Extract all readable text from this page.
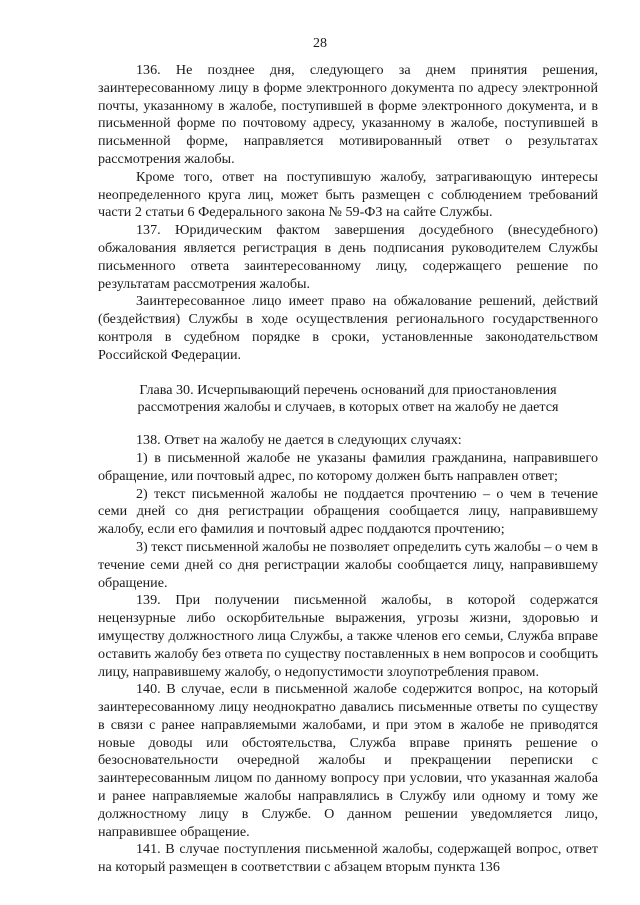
28

136. Не позднее дня, следующего за днем принятия решения, заинтересованному лицу в форме электронного документа по адресу электронной почты, указанному в жалобе, поступившей в форме электронного документа, и в письменной форме по почтовому адресу, указанному в жалобе, поступившей в письменной форме, направляется мотивированный ответ о результатах рассмотрения жалобы.

Кроме того, ответ на поступившую жалобу, затрагивающую интересы неопределенного круга лиц, может быть размещен с соблюдением требований части 2 статьи 6 Федерального закона № 59-ФЗ на сайте Службы.

137. Юридическим фактом завершения досудебного (внесудебного) обжалования является регистрация в день подписания руководителем Службы письменного ответа заинтересованному лицу, содержащего решение по результатам рассмотрения жалобы.

Заинтересованное лицо имеет право на обжалование решений, действий (бездействия) Службы в ходе осуществления регионального государственного контроля в судебном порядке в сроки, установленные законодательством Российской Федерации.

Глава 30. Исчерпывающий перечень оснований для приостановления
рассмотрения жалобы и случаев, в которых ответ на жалобу не дается

138. Ответ на жалобу не дается в следующих случаях:

1) в письменной жалобе не указаны фамилия гражданина, направившего обращение, или почтовый адрес, по которому должен быть направлен ответ;

2) текст письменной жалобы не поддается прочтению – о чем в течение семи дней со дня регистрации обращения сообщается лицу, направившему жалобу, если его фамилия и почтовый адрес поддаются прочтению;

3) текст письменной жалобы не позволяет определить суть жалобы – о чем в течение семи дней со дня регистрации жалобы сообщается лицу, направившему обращение.

139. При получении письменной жалобы, в которой содержатся нецензурные либо оскорбительные выражения, угрозы жизни, здоровью и имуществу должностного лица Службы, а также членов его семьи, Служба вправе оставить жалобу без ответа по существу поставленных в нем вопросов и сообщить лицу, направившему жалобу, о недопустимости злоупотребления правом.

140. В случае, если в письменной жалобе содержится вопрос, на который заинтересованному лицу неоднократно давались письменные ответы по существу в связи с ранее направляемыми жалобами, и при этом в жалобе не приводятся новые доводы или обстоятельства, Служба вправе принять решение о безосновательности очередной жалобы и прекращении переписки с заинтересованным лицом по данному вопросу при условии, что указанная жалоба и ранее направляемые жалобы направлялись в Службу или одному и тому же должностному лицу в Службе. О данном решении уведомляется лицо, направившее обращение.

141. В случае поступления письменной жалобы, содержащей вопрос, ответ на который размещен в соответствии с абзацем вторым пункта 136
